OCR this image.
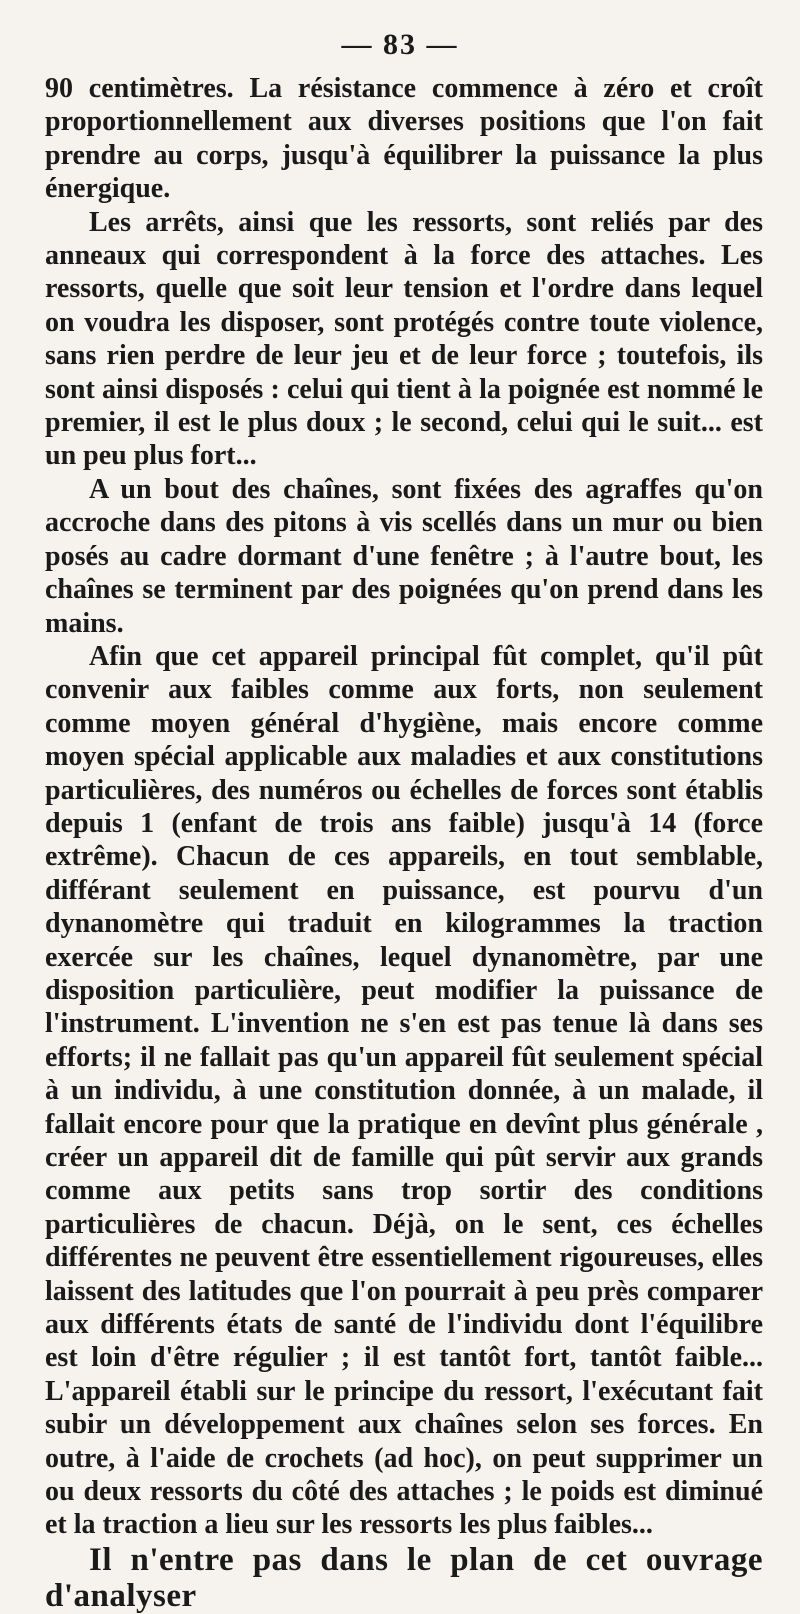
— 83 —

90 centimètres. La résistance commence à zéro et croît proportionnellement aux diverses positions que l'on fait prendre au corps, jusqu'à équilibrer la puissance la plus énergique.

Les arrêts, ainsi que les ressorts, sont reliés par des anneaux qui correspondent à la force des attaches. Les ressorts, quelle que soit leur tension et l'ordre dans lequel on voudra les disposer, sont protégés contre toute violence, sans rien perdre de leur jeu et de leur force ; toutefois, ils sont ainsi disposés : celui qui tient à la poignée est nommé le premier, il est le plus doux ; le second, celui qui le suit... est un peu plus fort...

A un bout des chaînes, sont fixées des agraffes qu'on accroche dans des pitons à vis scellés dans un mur ou bien posés au cadre dormant d'une fenêtre ; à l'autre bout, les chaînes se terminent par des poignées qu'on prend dans les mains.

Afin que cet appareil principal fût complet, qu'il pût convenir aux faibles comme aux forts, non seulement comme moyen général d'hygiène, mais encore comme moyen spécial applicable aux maladies et aux constitutions particulières, des numéros ou échelles de forces sont établis depuis 1 (enfant de trois ans faible) jusqu'à 14 (force extrême). Chacun de ces appareils, en tout semblable, différant seulement en puissance, est pourvu d'un dynanomètre qui traduit en kilogrammes la traction exercée sur les chaînes, lequel dynanomètre, par une disposition particulière, peut modifier la puissance de l'instrument. L'invention ne s'en est pas tenue là dans ses efforts; il ne fallait pas qu'un appareil fût seulement spécial à un individu, à une constitution donnée, à un malade, il fallait encore pour que la pratique en devînt plus générale , créer un appareil dit de famille qui pût servir aux grands comme aux petits sans trop sortir des conditions particulières de chacun. Déjà, on le sent, ces échelles différentes ne peuvent être essentiellement rigoureuses, elles laissent des latitudes que l'on pourrait à peu près comparer aux différents états de santé de l'individu dont l'équilibre est loin d'être régulier ; il est tantôt fort, tantôt faible... L'appareil établi sur le principe du ressort, l'exécutant fait subir un développement aux chaînes selon ses forces. En outre, à l'aide de crochets (ad hoc), on peut supprimer un ou deux ressorts du côté des attaches ; le poids est diminué et la traction a lieu sur les ressorts les plus faibles...

Il n'entre pas dans le plan de cet ouvrage d'analyser
